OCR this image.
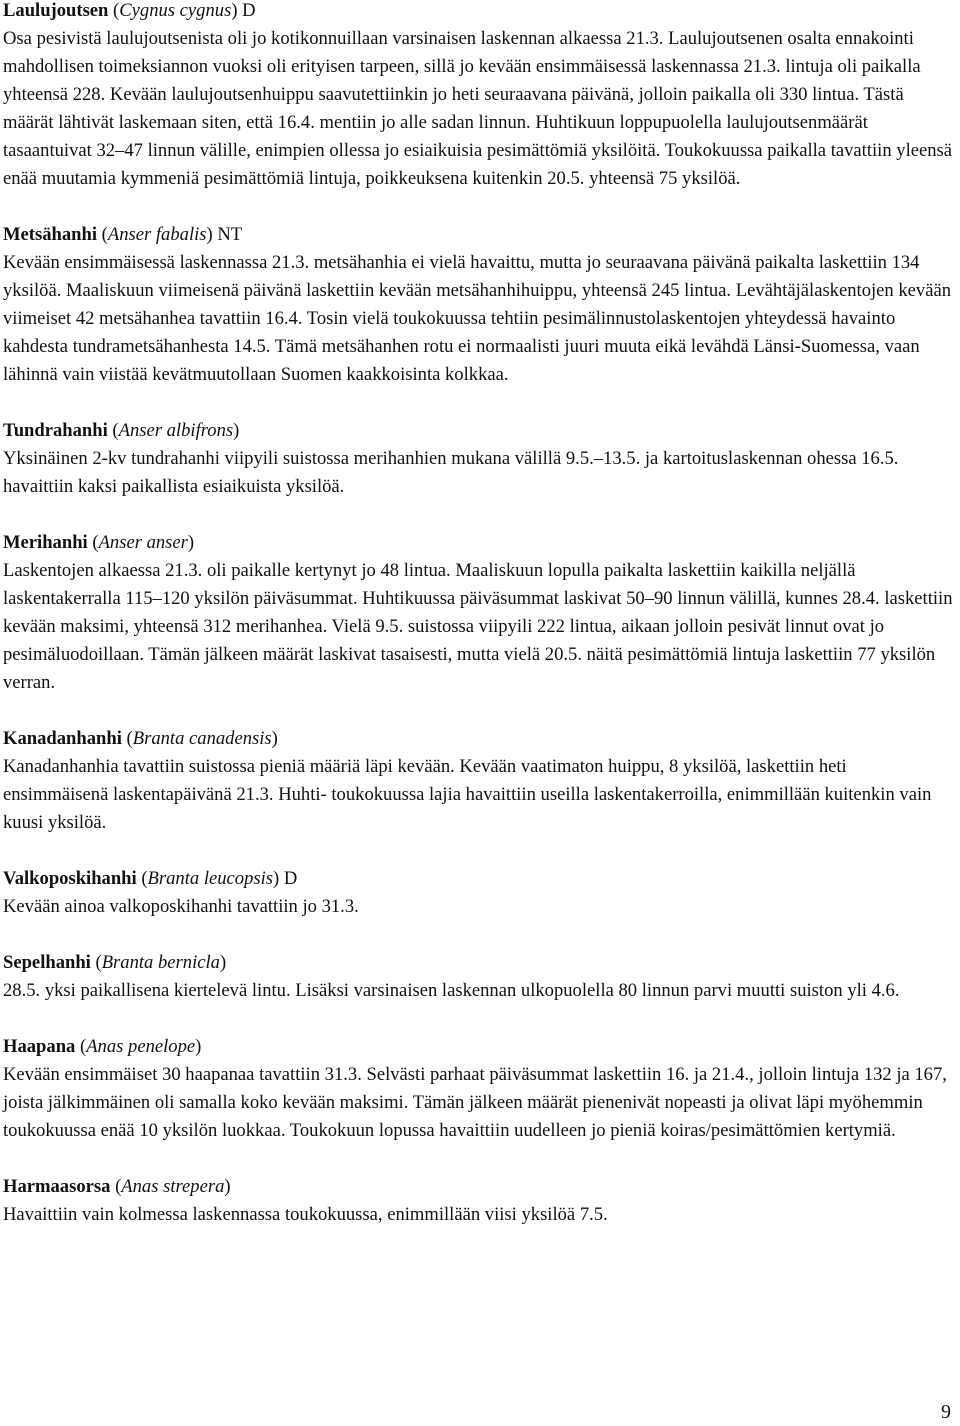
Laulujoutsen (Cygnus cygnus) D

Osa pesivistä laulujoutsenista oli jo kotikonnuillaan varsinaisen laskennan alkaessa 21.3. Laulujoutsenen osalta ennakointi mahdollisen toimeksiannon vuoksi oli erityisen tarpeen, sillä jo kevään ensimmäisessä laskennassa 21.3. lintuja oli paikalla yhteensä 228. Kevään laulujoutsenhuippu saavutettiinkin jo heti seuraavana päivänä, jolloin paikalla oli 330 lintua. Tästä määrät lähtivät laskemaan siten, että 16.4. mentiin jo alle sadan linnun. Huhtikuun loppupuolella laulujoutsenmäärät tasaantuivat 32–47 linnun välille, enimpien ollessa jo esiaikuisia pesimättömiä yksilöitä. Toukokuussa paikalla tavattiin yleensä enää muutamia kymmeniä pesimättömiä lintuja, poikkeuksena kuitenkin 20.5. yhteensä 75 yksilöä.

Metsähanhi (Anser fabalis) NT

Kevään ensimmäisessä laskennassa 21.3. metsähanhia ei vielä havaittu, mutta jo seuraavana päivänä paikalta laskettiin 134 yksilöä. Maaliskuun viimeisenä päivänä laskettiin kevään metsähanhihuippu, yhteensä 245 lintua. Levähtäjälaskentojen kevään viimeiset 42 metsähanhea tavattiin 16.4. Tosin vielä toukokuussa tehtiin pesimälinnustolaskentojen yhteydessä havainto kahdesta tundrametsähanhesta 14.5. Tämä metsähanhen rotu ei normaalisti juuri muuta eikä levähdä Länsi-Suomessa, vaan lähinnä vain viistää kevätmuutollaan Suomen kaakkoisinta kolkkaa.

Tundrahanhi (Anser albifrons)

Yksinäinen 2-kv tundrahanhi viipyili suistossa merihanhien mukana välillä 9.5.–13.5. ja kartoituslaskennan ohessa 16.5. havaittiin kaksi paikallista esiaikuista yksilöä.

Merihanhi (Anser anser)

Laskentojen alkaessa 21.3. oli paikalle kertynyt jo 48 lintua. Maaliskuun lopulla paikalta laskettiin kaikilla neljällä laskentakerralla 115–120 yksilön päiväsummat. Huhtikuussa päiväsummat laskivat 50–90 linnun välillä, kunnes 28.4. laskettiin kevään maksimi, yhteensä 312 merihanhea. Vielä 9.5. suistossa viipyili 222 lintua, aikaan jolloin pesivät linnut ovat jo pesimäluodoillaan. Tämän jälkeen määrät laskivat tasaisesti, mutta vielä 20.5. näitä pesimättömiä lintuja laskettiin 77 yksilön verran.

Kanadanhanhi (Branta canadensis)

Kanadanhanhia tavattiin suistossa pieniä määriä läpi kevään. Kevään vaatimaton huippu, 8 yksilöä, laskettiin heti ensimmäisenä laskentapäivänä 21.3. Huhti- toukokuussa lajia havaittiin useilla laskentakerroilla, enimmillään kuitenkin vain kuusi yksilöä.

Valkoposkihanhi (Branta leucopsis) D

Kevään ainoa valkoposkihanhi tavattiin jo 31.3.

Sepelhanhi (Branta bernicla)

28.5. yksi paikallisena kiertelevä lintu. Lisäksi varsinaisen laskennan ulkopuolella 80 linnun parvi muutti suiston yli 4.6.

Haapana (Anas penelope)

Kevään ensimmäiset 30 haapanaa tavattiin 31.3. Selvästi parhaat päiväsummat laskettiin 16. ja 21.4., jolloin lintuja 132 ja 167, joista jälkimmäinen oli samalla koko kevään maksimi. Tämän jälkeen määrät pienenivät nopeasti ja olivat läpi myöhemmin toukokuussa enää 10 yksilön luokkaa. Toukokuun lopussa havaittiin uudelleen jo pieniä koiras/pesimättömien kertymiä.

Harmaasorsa (Anas strepera)

Havaittiin vain kolmessa laskennassa toukokuussa, enimmillään viisi yksilöä 7.5.

9
